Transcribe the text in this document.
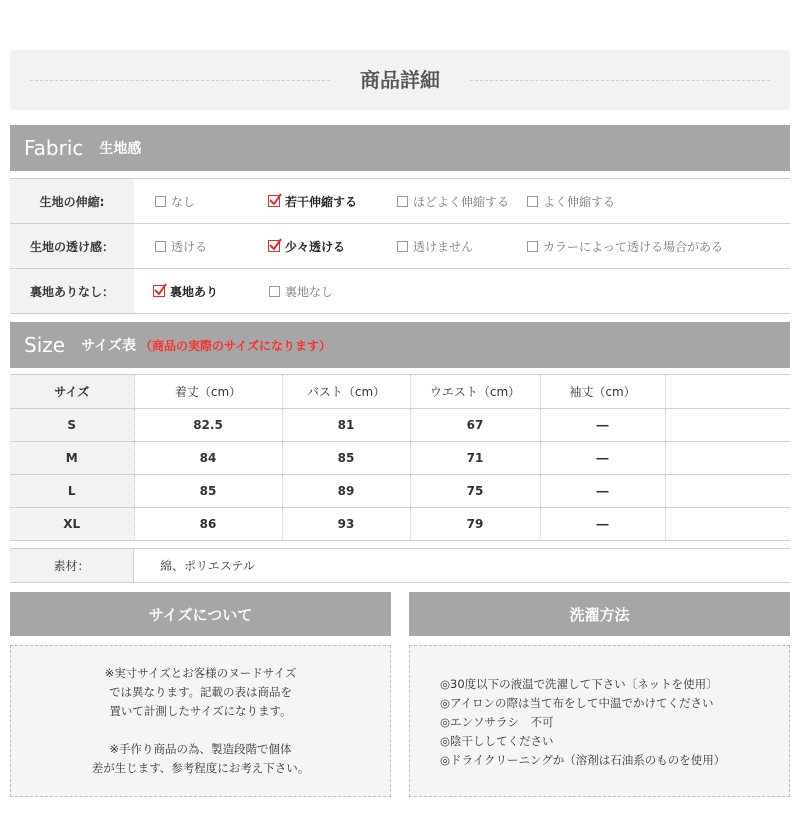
商品詳細
Fabric 生地感
生地の伸縮:	なし	若干伸縮する	ほどよく伸縮する	よく伸縮する
生地の透け感：	透ける	少々透ける	透けません	カラーによって透ける場合がある
裏地ありなし：	裏地あり	裏地なし
Size サイズ表 （商品の実際のサイズになります）
サイズ	着丈（cm）	バスト（cm）	ウエスト（cm）	袖丈（cm）	
S	82.5	81	67	―	
M	84	85	71	―	
L	85	89	75	―	
XL	86	93	79	―	
素材：	綿、ポリエステル
サイズについて
※実寸サイズとお客様のヌードサイズ
では異なります。記載の表は商品を
置いて計測したサイズになります。
※手作り商品の為、製造段階で個体
差が生じます、参考程度にお考え下さい。
洗濯方法
◎30度以下の液温で洗濯して下さい〔ネットを使用〕
◎アイロンの際は当て布をして中温でかけてください
◎エンソサラシ　不可
◎陰干ししてください
◎ドライクリーニングか（溶剤は石油系のものを使用）
